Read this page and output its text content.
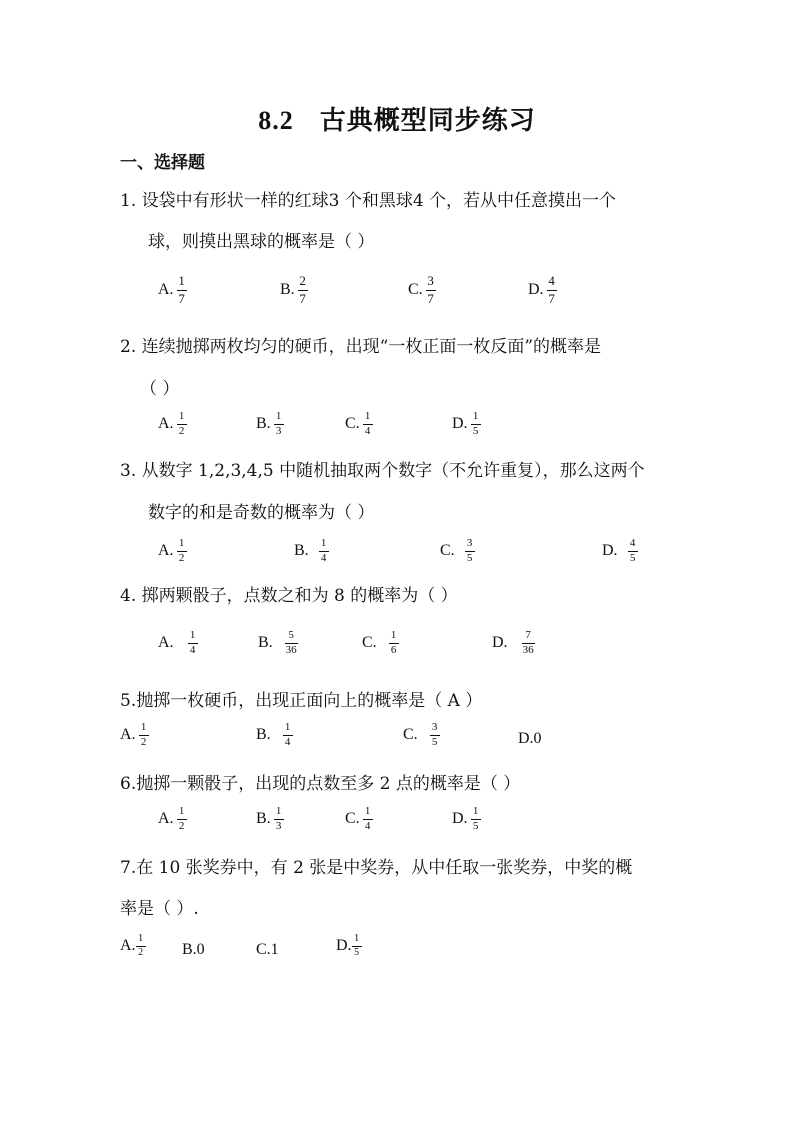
8.2 古典概型同步练习
一、选择题
1. 设袋中有形状一样的红球3 个和黑球4 个，若从中任意摸出一个
球，则摸出黑球的概率是（ ）
A. $\frac{1}{7}$	B. $\frac{2}{7}$	C. $\frac{3}{7}$	D. $\frac{4}{7}$
2. 连续抛掷两枚均匀的硬币，出现“一枚正面一枚反面”的概率是
（ ）
A. $\frac{1}{2}$	B. $\frac{1}{3}$	C. $\frac{1}{4}$	D. $\frac{1}{5}$
3. 从数字 1,2,3,4,5 中随机抽取两个数字（不允许重复），那么这两个
数字的和是奇数的概率为（ ）
A. $\frac{1}{2}$	B. $\frac{1}{4}$	C. $\frac{3}{5}$	D. $\frac{4}{5}$
4. 掷两颗骰子，点数之和为 8 的概率为（ ）
A. $\frac{1}{4}$	B. $\frac{5}{36}$	C. $\frac{1}{6}$	D. $\frac{7}{36}$
5.抛掷一枚硬币，出现正面向上的概率是（ A ）
A. $\frac{1}{2}$	B. $\frac{1}{4}$	C. $\frac{3}{5}$	D.0
6.抛掷一颗骰子，出现的点数至多 2 点的概率是（ ）
A. $\frac{1}{2}$	B. $\frac{1}{3}$	C. $\frac{1}{4}$	D. $\frac{1}{5}$
7.在 10 张奖券中，有 2 张是中奖券，从中任取一张奖券，中奖的概
率是（ ）.
A. $\frac{1}{2} B.0$	C.1	D. $\frac{1}{5}$
